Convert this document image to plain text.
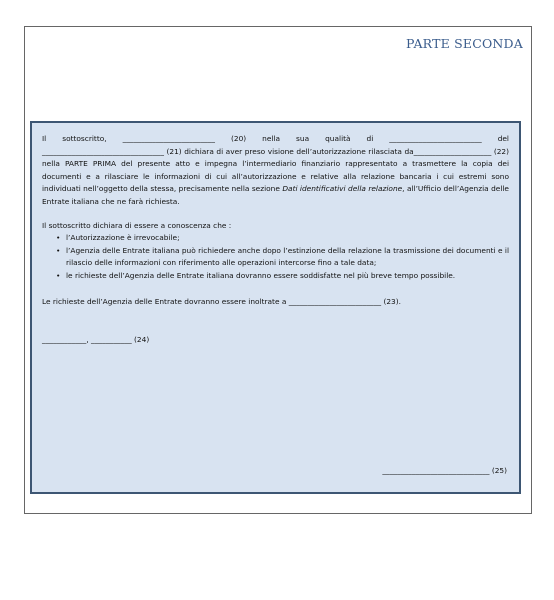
PARTE SECONDA

Il sottoscritto, _________________________ (20) nella sua qualità di _________________________ del _________________________________ (21) dichiara di aver preso visione dell’autorizzazione rilasciata da_____________________ (22) nella PARTE PRIMA del presente atto e impegna l’intermediario finanziario rappresentato a trasmettere la copia dei documenti e a rilasciare le informazioni di cui all’autorizzazione e relative alla relazione bancaria i cui estremi sono individuati nell’oggetto della stessa, precisamente nella sezione Dati identificativi della relazione, all’Ufficio dell’Agenzia delle Entrate italiana che ne farà richiesta.

Il sottoscritto dichiara di essere a conoscenza che :

• l’Autorizzazione è irrevocabile;
• l’Agenzia delle Entrate italiana può richiedere anche dopo l’estinzione della relazione la trasmissione dei documenti e il rilascio delle informazioni con riferimento alle operazioni intercorse fino a tale data;
• le richieste dell’Agenzia delle Entrate italiana dovranno essere soddisfatte nel più breve tempo possibile.

Le richieste dell’Agenzia delle Entrate dovranno essere inoltrate a _________________________ (23).

____________, ___________ (24)

_____________________________ (25)
